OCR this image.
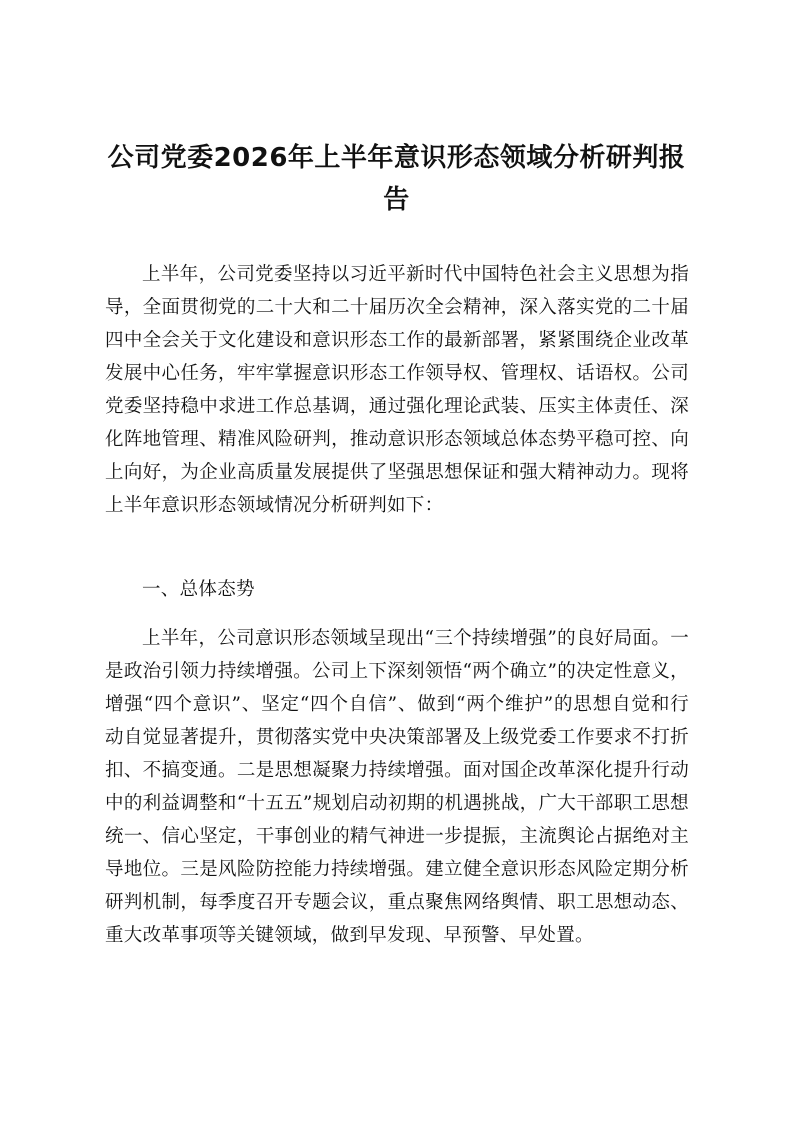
公司党委2026年上半年意识形态领域分析研判报告

上半年，公司党委坚持以习近平新时代中国特色社会主义思想为指导，全面贯彻党的二十大和二十届历次全会精神，深入落实党的二十届四中全会关于文化建设和意识形态工作的最新部署，紧紧围绕企业改革发展中心任务，牢牢掌握意识形态工作领导权、管理权、话语权。公司党委坚持稳中求进工作总基调，通过强化理论武装、压实主体责任、深化阵地管理、精准风险研判，推动意识形态领域总体态势平稳可控、向上向好，为企业高质量发展提供了坚强思想保证和强大精神动力。现将上半年意识形态领域情况分析研判如下：

一、总体态势

上半年，公司意识形态领域呈现出“三个持续增强”的良好局面。一是政治引领力持续增强。公司上下深刻领悟“两个确立”的决定性意义，增强“四个意识”、坚定“四个自信”、做到“两个维护”的思想自觉和行动自觉显著提升，贯彻落实党中央决策部署及上级党委工作要求不打折扣、不搞变通。二是思想凝聚力持续增强。面对国企改革深化提升行动中的利益调整和“十五五”规划启动初期的机遇挑战，广大干部职工思想统一、信心坚定，干事创业的精气神进一步提振，主流舆论占据绝对主导地位。三是风险防控能力持续增强。建立健全意识形态风险定期分析研判机制，每季度召开专题会议，重点聚焦网络舆情、职工思想动态、重大改革事项等关键领域，做到早发现、早预警、早处置。
